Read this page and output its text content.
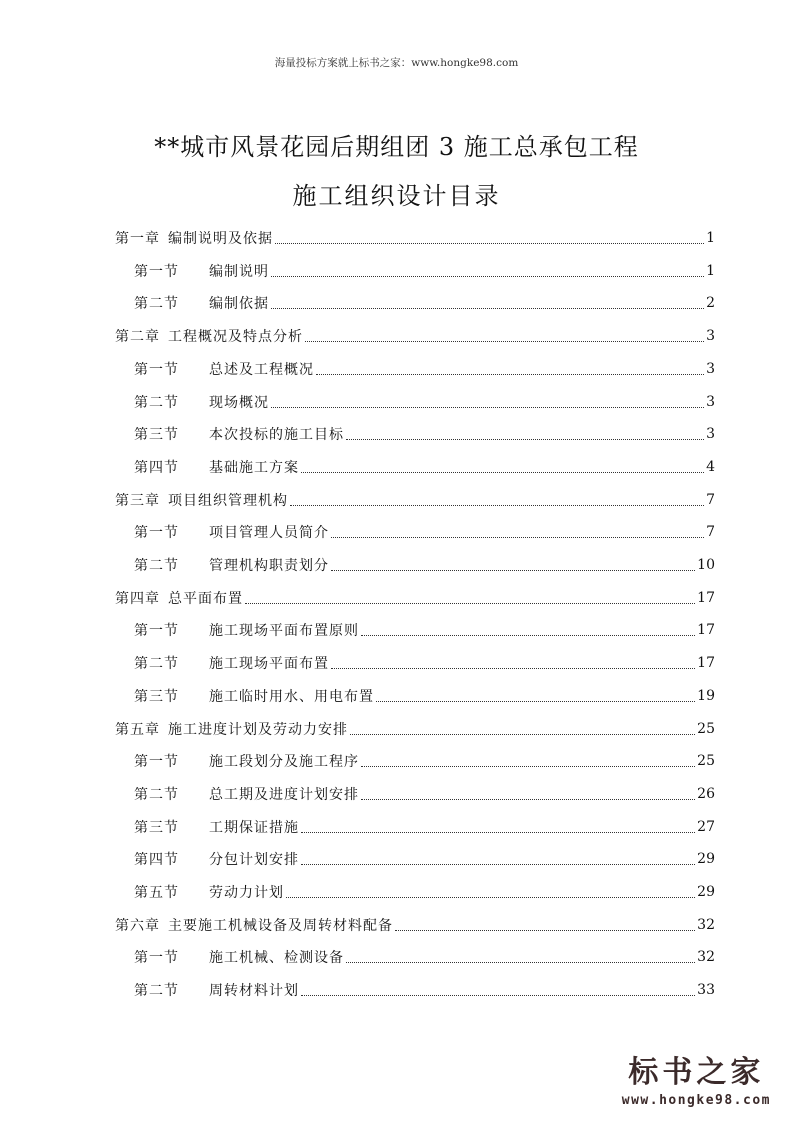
海量投标方案就上标书之家：www.hongke98.com
**城市风景花园后期组团 3 施工总承包工程
施工组织设计目录
第一章 编制说明及依据	1
第一节 编制说明	1
第二节 编制依据	2
第二章 工程概况及特点分析	3
第一节 总述及工程概况	3
第二节 现场概况	3
第三节 本次投标的施工目标	3
第四节 基础施工方案	4
第三章 项目组织管理机构	7
第一节 项目管理人员简介	7
第二节 管理机构职责划分	10
第四章 总平面布置	17
第一节 施工现场平面布置原则	17
第二节 施工现场平面布置	17
第三节 施工临时用水、用电布置	19
第五章 施工进度计划及劳动力安排	25
第一节 施工段划分及施工程序	25
第二节 总工期及进度计划安排	26
第三节 工期保证措施	27
第四节 分包计划安排	29
第五节 劳动力计划	29
第六章 主要施工机械设备及周转材料配备	32
第一节 施工机械、检测设备	32
第二节 周转材料计划	33
标书之家
www.hongke98.com
